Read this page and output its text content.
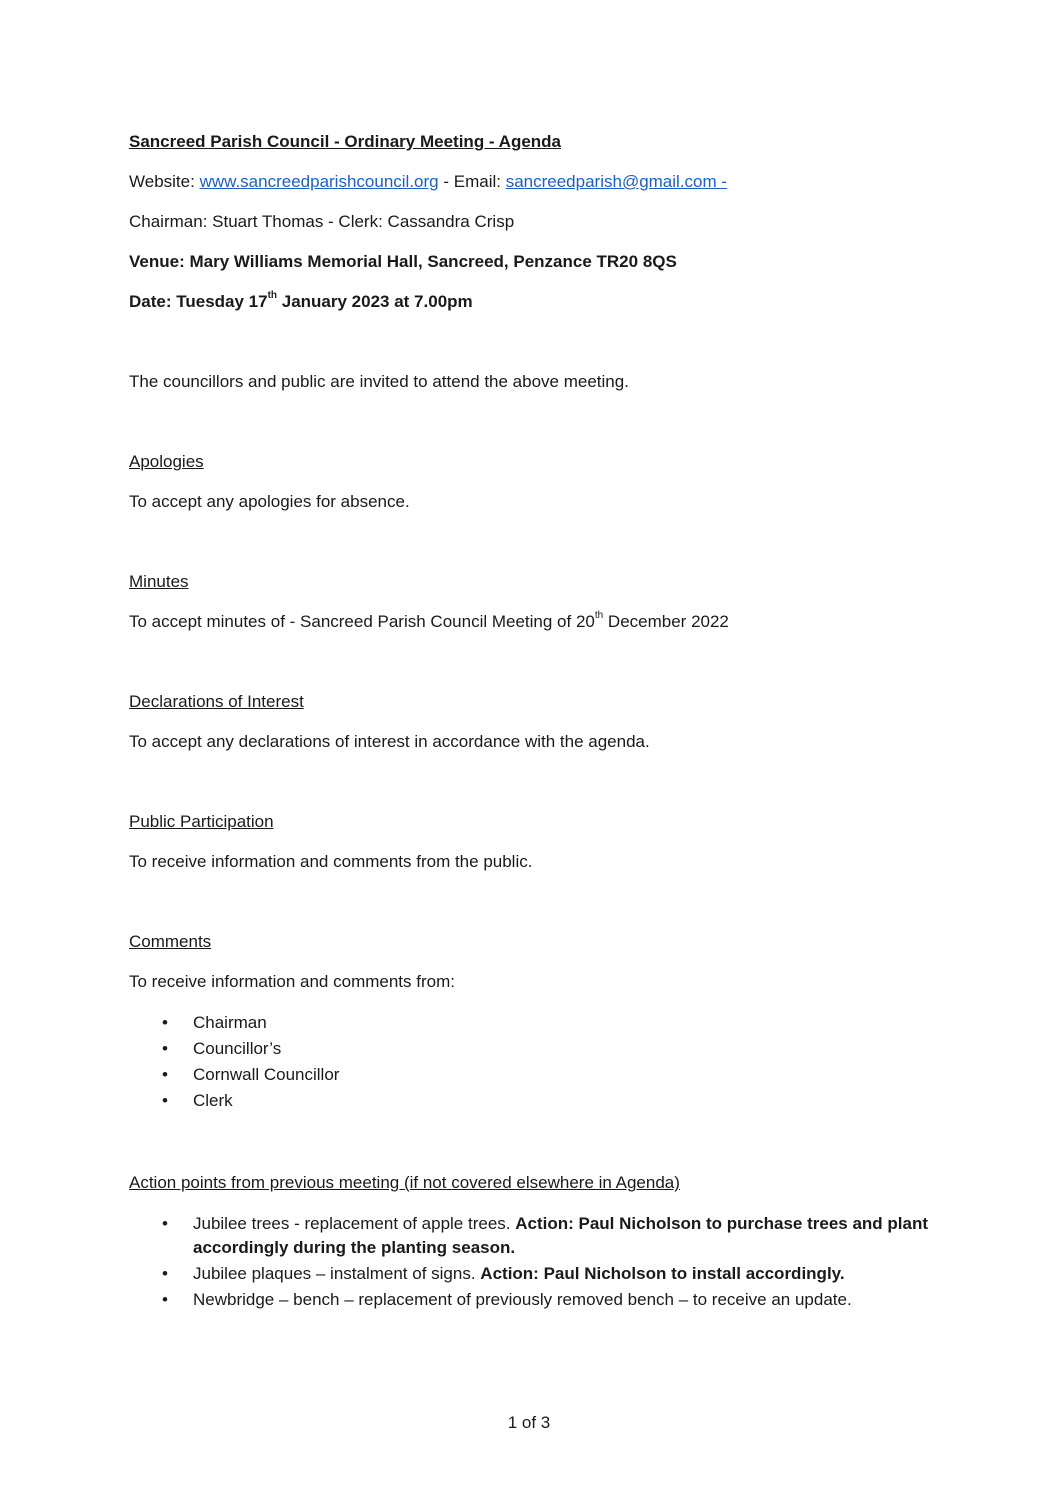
Sancreed Parish Council - Ordinary Meeting - Agenda
Website: www.sancreedparishcouncil.org - Email: sancreedparish@gmail.com -
Chairman: Stuart Thomas - Clerk: Cassandra Crisp
Venue: Mary Williams Memorial Hall, Sancreed, Penzance TR20 8QS
Date: Tuesday 17th January 2023 at 7.00pm
The councillors and public are invited to attend the above meeting.
Apologies
To accept any apologies for absence.
Minutes
To accept minutes of - Sancreed Parish Council Meeting of 20th December 2022
Declarations of Interest
To accept any declarations of interest in accordance with the agenda.
Public Participation
To receive information and comments from the public.
Comments
To receive information and comments from:
• Chairman
• Councillor’s
• Cornwall Councillor
• Clerk
Action points from previous meeting (if not covered elsewhere in Agenda)
• Jubilee trees - replacement of apple trees. Action: Paul Nicholson to purchase trees and plant accordingly during the planting season.
• Jubilee plaques – instalment of signs. Action: Paul Nicholson to install accordingly.
• Newbridge – bench – replacement of previously removed bench – to receive an update.
1 of 3
